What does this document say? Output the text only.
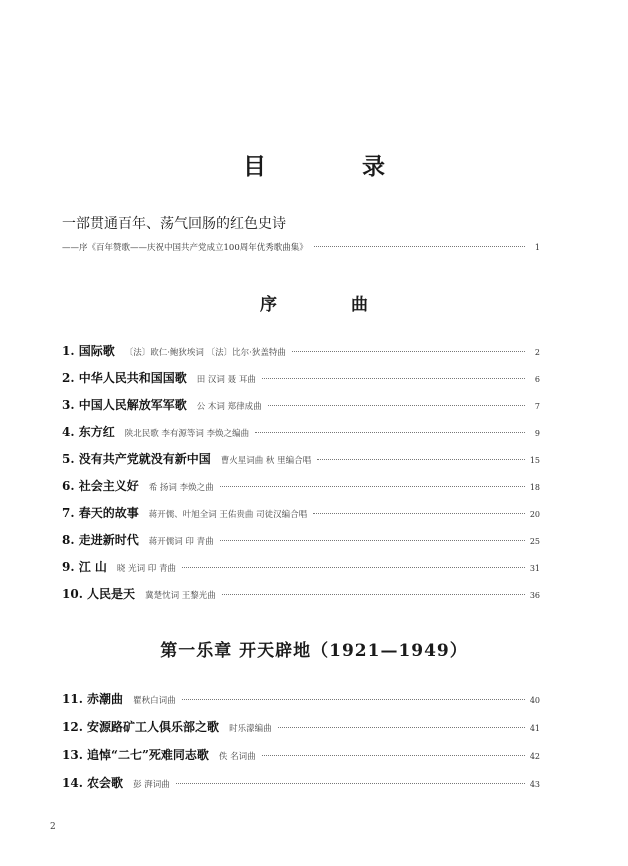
目 录
一部贯通百年、荡气回肠的红色史诗
——序《百年赞歌——庆祝中国共产党成立100周年优秀歌曲集》	1
序 曲
1. 国际歌 〔法〕欧仁·鲍狄埃词 〔法〕比尔·狄盖特曲	2
2. 中华人民共和国国歌 田 汉词 聂 耳曲	6
3. 中国人民解放军军歌 公 木词 郑律成曲	7
4. 东方红 陕北民歌 李有源等词 李焕之编曲	9
5. 没有共产党就没有新中国 曹火星词曲 秋 里编合唱	15
6. 社会主义好 希 扬词 李焕之曲	18
7. 春天的故事 蒋开儒、叶旭全词 王佑贵曲 司徒汉编合唱	20
8. 走进新时代 蒋开儒词 印 青曲	25
9. 江 山 晓 光词 印 青曲	31
10. 人民是天 冀楚忱词 王黎光曲	36
第一乐章 开天辟地（1921—1949）
11. 赤潮曲 瞿秋白词曲	40
12. 安源路矿工人俱乐部之歌 时乐濛编曲	41
13. 追悼“二七”死难同志歌 佚 名词曲	42
14. 农会歌 彭 湃词曲	43
2
